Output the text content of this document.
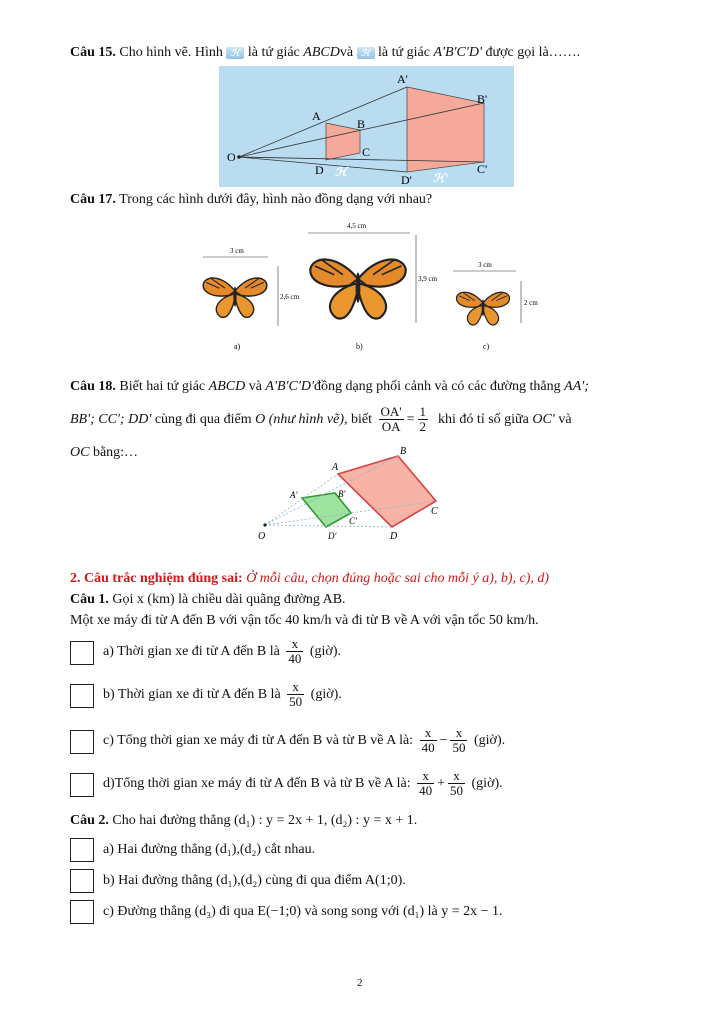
Câu 15. Cho hình vẽ. Hình ℋ là tứ giác ABCDvà ℋ là tứ giác A'B'C'D' được gọi là…….
O
A
B
C
D
A'
B'
C'
D'
ℋ	ℋ'
Câu 17. Trong các hình dưới đây, hình nào đồng dạng với nhau?
3 cm
2,6 cm
4,5 cm
3,9 cm
3 cm
2 cm
a)	b)	c)
Câu 18. Biết hai tứ giác ABCD và A'B'C'D'đồng dạng phối cảnh và có các đường thẳng AA';
BB'; CC'; DD' cùng đi qua điểm O (như hình vẽ), biết $\frac{OA'}{OA} = \frac{1}{2}$ khi đó tỉ số giữa OC' và
OC bằng:…
O
A
B
C
D
A'	B'
C'
D'
2. Câu trắc nghiệm đúng sai: Ở mỗi câu, chọn đúng hoặc sai cho mỗi ý a), b), c), d)
Câu 1. Gọi x (km) là chiều dài quãng đường AB.
Một xe máy đi từ A đến B với vận tốc 40 km/h và đi từ B về A với vận tốc 50 km/h.
a) Thời gian xe đi từ A đến B là $\frac{x}{40}$ (giờ).
b) Thời gian xe đi từ A đến B là $\frac{x}{50}$ (giờ).
c) Tổng thời gian xe máy đi từ A đến B và từ B về A là: $\frac{x}{40} - \frac{x}{50}$ (giờ).
d)Tổng thời gian xe máy đi từ A đến B và từ B về A là: $\frac{x}{40} + \frac{x}{50}$ (giờ).
Câu 2. Cho hai đường thẳng (d₁) : y = 2x + 1, (d₂) : y = x + 1.
a) Hai đường thẳng (d₁),(d₂) cắt nhau.
b) Hai đường thẳng (d₁),(d₂) cùng đi qua điểm A(1;0).
c) Đường thẳng (d₃) đi qua E(−1;0) và song song với (d₁) là y = 2x − 1.
2
